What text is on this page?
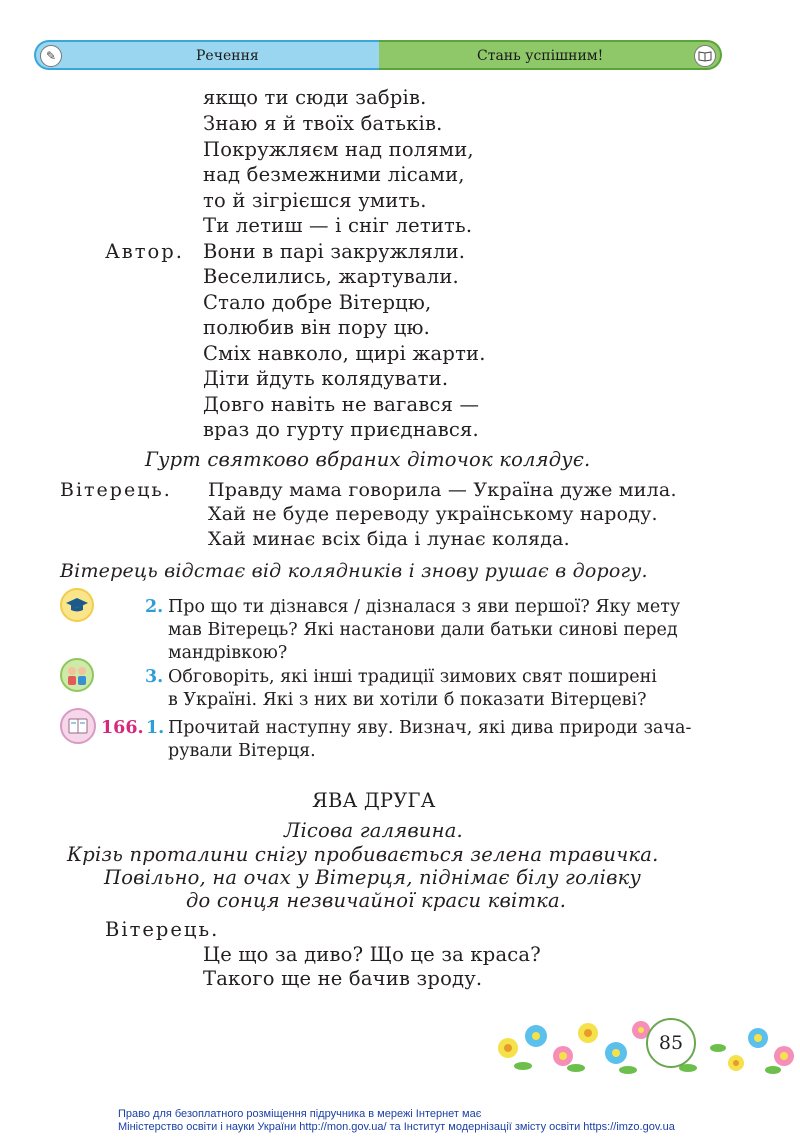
✎	Речення	Стань успішним!
якщо ти сюди забрів.
Знаю я й твоїх батьків.
Покружляєм над полями,
над безмежними лісами,
то й зігрієшся умить.
Ти летиш — і сніг летить.
Автор. Вони в парі закружляли.
Веселились, жартували.
Стало добре Вітерцю,
полюбив він пору цю.
Сміх навколо, щирі жарти.
Діти йдуть колядувати.
Довго навіть не вагався —
враз до гурту приєднався.
Гурт святково вбраних діточок колядує.
Вітерець. Правду мама говорила — Україна дуже мила.
Хай не буде переводу українському народу.
Хай минає всіх біда і лунає коляда.
Вітерець відстає від колядників і знову рушає в дорогу.
2. Про що ти дізнався / дізналася з яви першої? Яку мету
мав Вітерець? Які настанови дали батьки синові перед
мандрівкою?
3. Обговоріть, які інші традиції зимових свят поширені
в Україні. Які з них ви хотіли б показати Вітерцеві?
166. 1. Прочитай наступну яву. Визнач, які дива природи зача-
рували Вітерця.
ЯВА ДРУГА
Лісова галявина.
Крізь проталини снігу пробивається зелена травичка.
Повільно, на очах у Вітерця, піднімає білу голівку
до сонця незвичайної краси квітка.
Вітерець.
Це що за диво? Що це за краса?
Такого ще не бачив зроду.
85
Право для безоплатного розміщення підручника в мережі Інтернет має
Міністерство освіти і науки України http://mon.gov.ua/ та Інститут модернізації змісту освіти https://imzo.gov.ua
